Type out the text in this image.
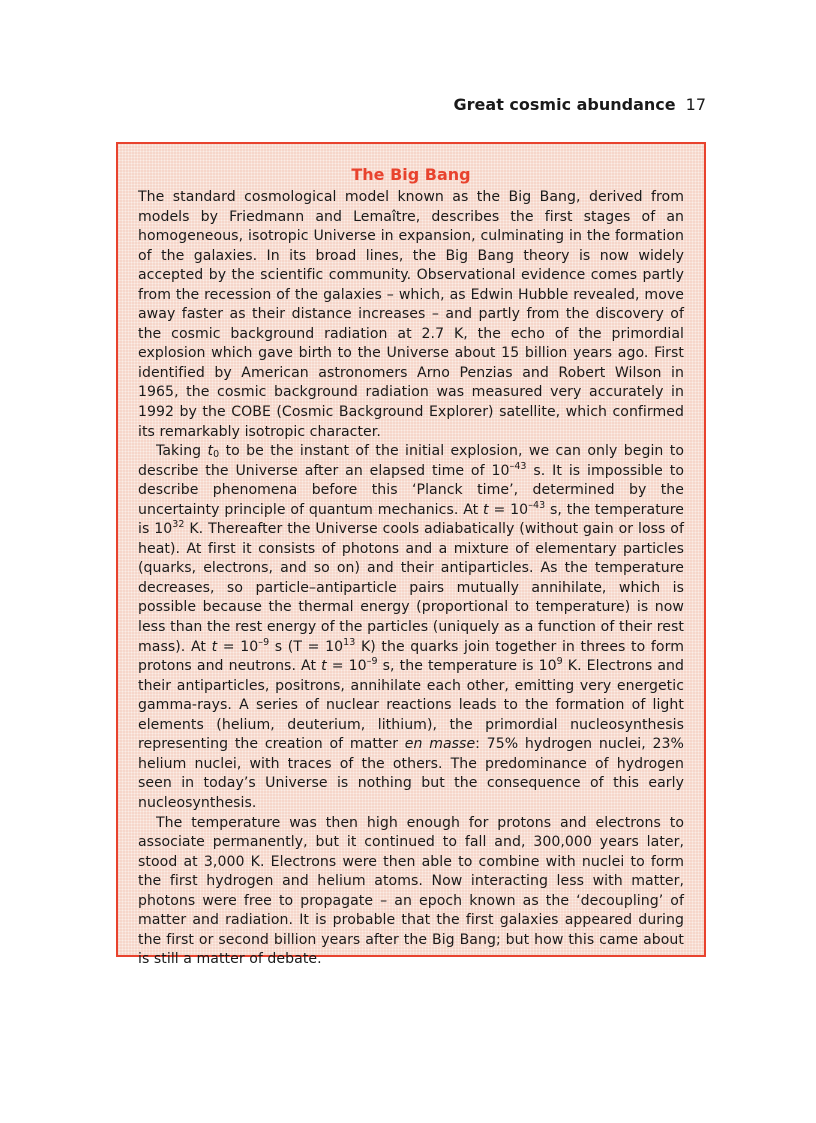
Great cosmic abundance 17
The Big Bang

The standard cosmological model known as the Big Bang, derived from models by Friedmann and Lemaître, describes the first stages of an homogeneous, isotropic Universe in expansion, culminating in the formation of the galaxies. In its broad lines, the Big Bang theory is now widely accepted by the scientific community. Observational evidence comes partly from the recession of the galaxies – which, as Edwin Hubble revealed, move away faster as their distance increases – and partly from the discovery of the cosmic background radiation at 2.7 K, the echo of the primordial explosion which gave birth to the Universe about 15 billion years ago. First identified by American astronomers Arno Penzias and Robert Wilson in 1965, the cosmic background radiation was measured very accurately in 1992 by the COBE (Cosmic Background Explorer) satellite, which confirmed its remarkably isotropic character.

Taking $t_0$ to be the instant of the initial explosion, we can only begin to describe the Universe after an elapsed time of $10^{-43}$ s. It is impossible to describe phenomena before this ‘Planck time’, determined by the uncertainty principle of quantum mechanics. At $t = 10^{-43}$ s, the temperature is $10^{32}$ K. Thereafter the Universe cools adiabatically (without gain or loss of heat). At first it consists of photons and a mixture of elementary particles (quarks, electrons, and so on) and their antiparticles. As the temperature decreases, so particle–antiparticle pairs mutually annihilate, which is possible because the thermal energy (proportional to temperature) is now less than the rest energy of the particles (uniquely as a function of their rest mass). At $t = 10^{-9}$ s ($T = 10^{13}$ K) the quarks join together in threes to form protons and neutrons. At $t = 10^{-9}$ s, the temperature is $10^9$ K. Electrons and their antiparticles, positrons, annihilate each other, emitting very energetic gamma-rays. A series of nuclear reactions leads to the formation of light elements (helium, deuterium, lithium), the primordial nucleosynthesis representing the creation of matter en masse: 75% hydrogen nuclei, 23% helium nuclei, with traces of the others. The predominance of hydrogen seen in today’s Universe is nothing but the consequence of this early nucleosynthesis.

The temperature was then high enough for protons and electrons to associate permanently, but it continued to fall and, 300,000 years later, stood at 3,000 K. Electrons were then able to combine with nuclei to form the first hydrogen and helium atoms. Now interacting less with matter, photons were free to propagate – an epoch known as the ‘decoupling’ of matter and radiation. It is probable that the first galaxies appeared during the first or second billion years after the Big Bang; but how this came about is still a matter of debate.
